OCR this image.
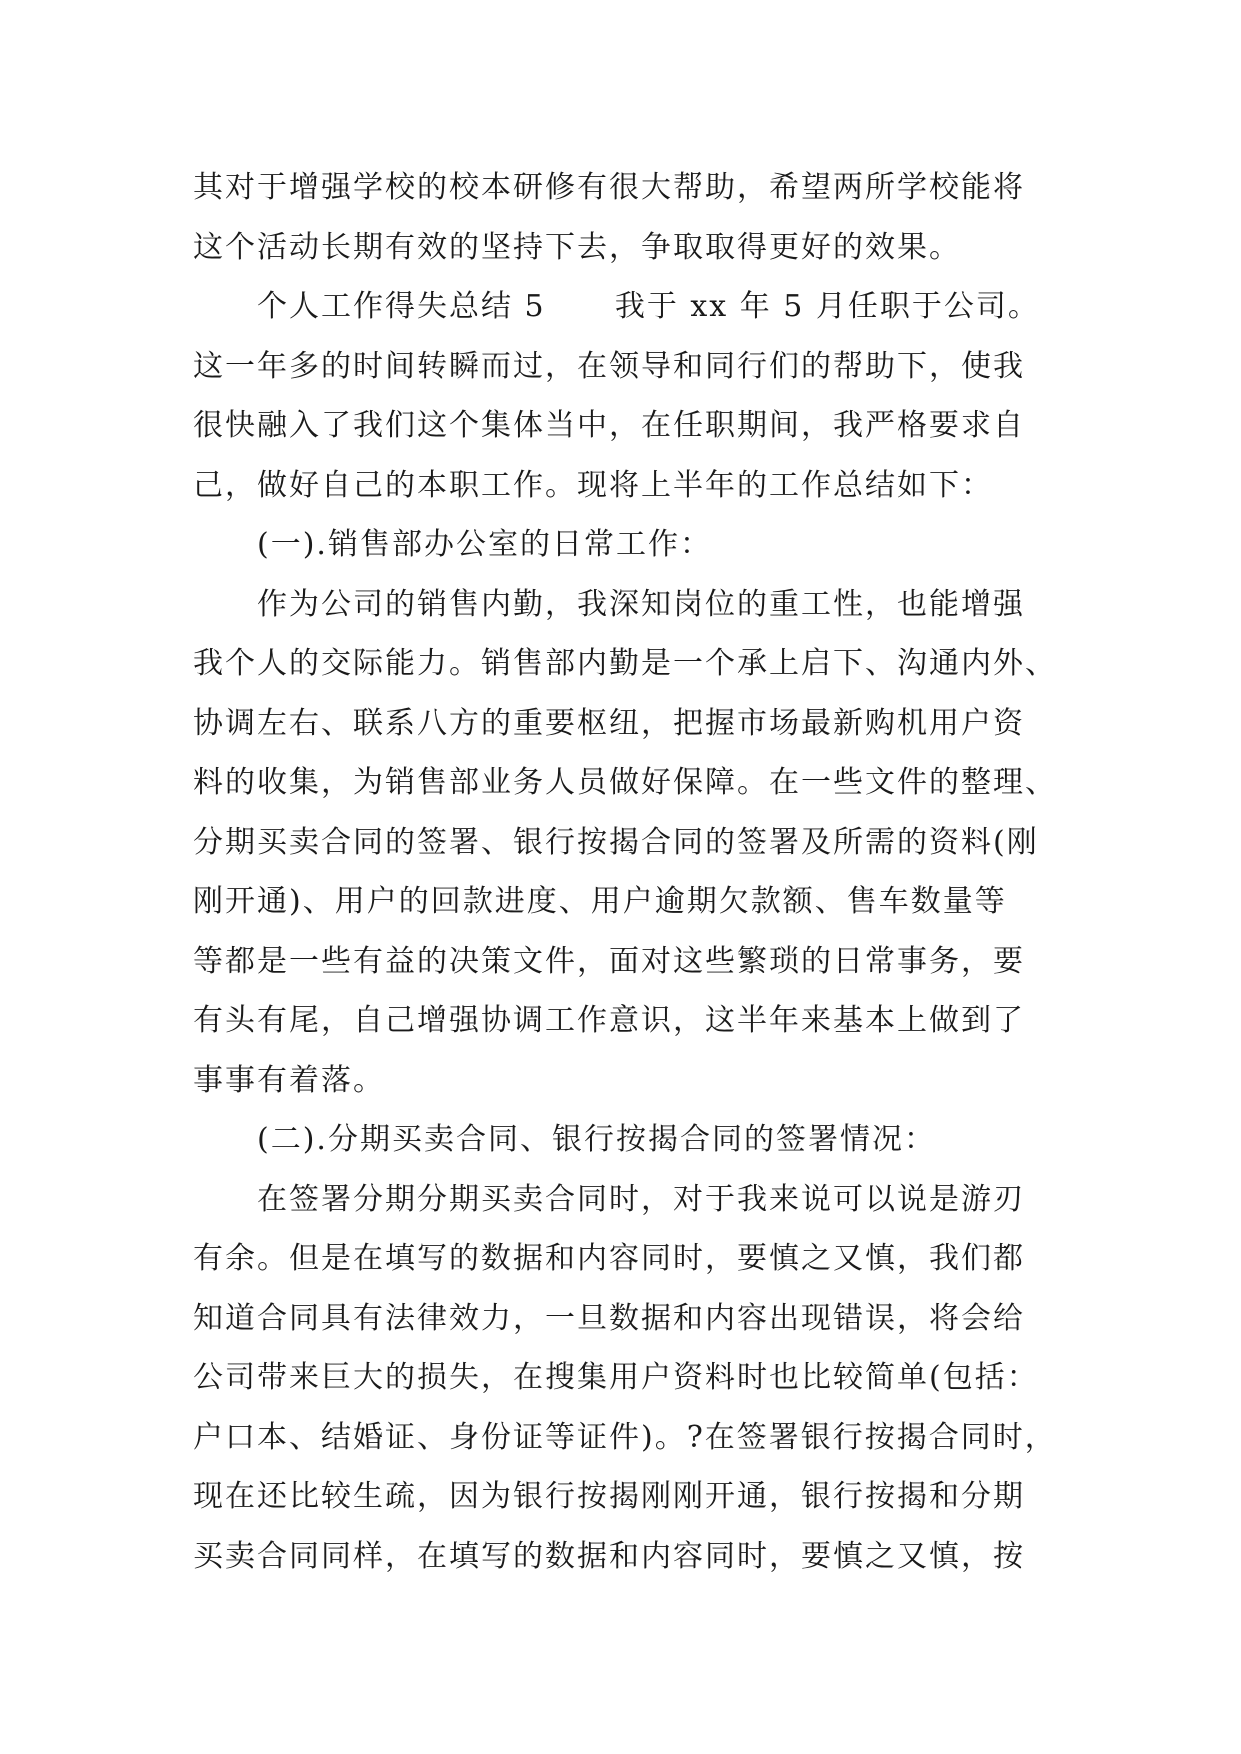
其对于增强学校的校本研修有很大帮助，希望两所学校能将
这个活动长期有效的坚持下去，争取取得更好的效果。
个人工作得失总结 5      我于 xx 年 5 月任职于公司。
这一年多的时间转瞬而过，在领导和同行们的帮助下，使我
很快融入了我们这个集体当中，在任职期间，我严格要求自
己，做好自己的本职工作。现将上半年的工作总结如下：
(一).销售部办公室的日常工作：
作为公司的销售内勤，我深知岗位的重工性，也能增强
我个人的交际能力。销售部内勤是一个承上启下、沟通内外、
协调左右、联系八方的重要枢纽，把握市场最新购机用户资
料的收集，为销售部业务人员做好保障。在一些文件的整理、
分期买卖合同的签署、银行按揭合同的签署及所需的资料(刚
刚开通)、用户的回款进度、用户逾期欠款额、售车数量等
等都是一些有益的决策文件，面对这些繁琐的日常事务，要
有头有尾，自己增强协调工作意识，这半年来基本上做到了
事事有着落。
(二).分期买卖合同、银行按揭合同的签署情况：
在签署分期分期买卖合同时，对于我来说可以说是游刃
有余。但是在填写的数据和内容同时，要慎之又慎，我们都
知道合同具有法律效力，一旦数据和内容出现错误，将会给
公司带来巨大的损失，在搜集用户资料时也比较简单(包括：
户口本、结婚证、身份证等证件)。?在签署银行按揭合同时，
现在还比较生疏，因为银行按揭刚刚开通，银行按揭和分期
买卖合同同样，在填写的数据和内容同时，要慎之又慎，按
